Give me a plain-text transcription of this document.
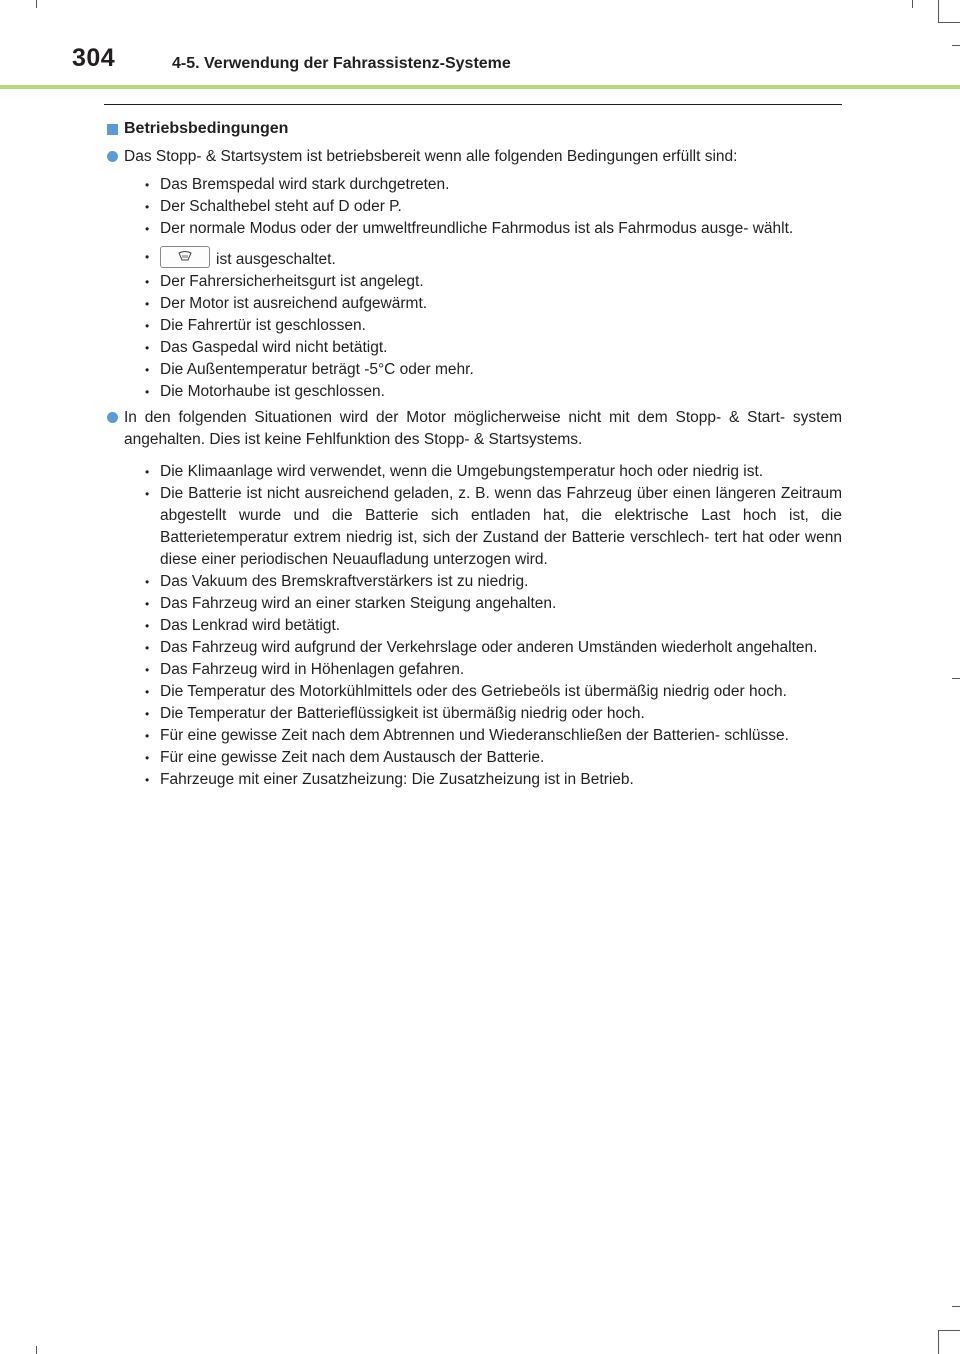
304	4-5. Verwendung der Fahrassistenz-Systeme
Betriebsbedingungen
Das Stopp- & Startsystem ist betriebsbereit wenn alle folgenden Bedingungen erfüllt sind:
• Das Bremspedal wird stark durchgetreten.
• Der Schalthebel steht auf D oder P.
• Der normale Modus oder der umweltfreundliche Fahrmodus ist als Fahrmodus ausge- wählt.
• ist ausgeschaltet.
• Der Fahrersicherheitsgurt ist angelegt.
• Der Motor ist ausreichend aufgewärmt.
• Die Fahrertür ist geschlossen.
• Das Gaspedal wird nicht betätigt.
• Die Außentemperatur beträgt -5°C oder mehr.
• Die Motorhaube ist geschlossen.
In den folgenden Situationen wird der Motor möglicherweise nicht mit dem Stopp- & Start- system angehalten. Dies ist keine Fehlfunktion des Stopp- & Startsystems.
• Die Klimaanlage wird verwendet, wenn die Umgebungstemperatur hoch oder niedrig ist.
• Die Batterie ist nicht ausreichend geladen, z. B. wenn das Fahrzeug über einen längeren Zeitraum abgestellt wurde und die Batterie sich entladen hat, die elektrische Last hoch ist, die Batterietemperatur extrem niedrig ist, sich der Zustand der Batterie verschlech- tert hat oder wenn diese einer periodischen Neuaufladung unterzogen wird.
• Das Vakuum des Bremskraftverstärkers ist zu niedrig.
• Das Fahrzeug wird an einer starken Steigung angehalten.
• Das Lenkrad wird betätigt.
• Das Fahrzeug wird aufgrund der Verkehrslage oder anderen Umständen wiederholt angehalten.
• Das Fahrzeug wird in Höhenlagen gefahren.
• Die Temperatur des Motorkühlmittels oder des Getriebeöls ist übermäßig niedrig oder hoch.
• Die Temperatur der Batterieflüssigkeit ist übermäßig niedrig oder hoch.
• Für eine gewisse Zeit nach dem Abtrennen und Wiederanschließen der Batterien- schlüsse.
• Für eine gewisse Zeit nach dem Austausch der Batterie.
• Fahrzeuge mit einer Zusatzheizung: Die Zusatzheizung ist in Betrieb.
